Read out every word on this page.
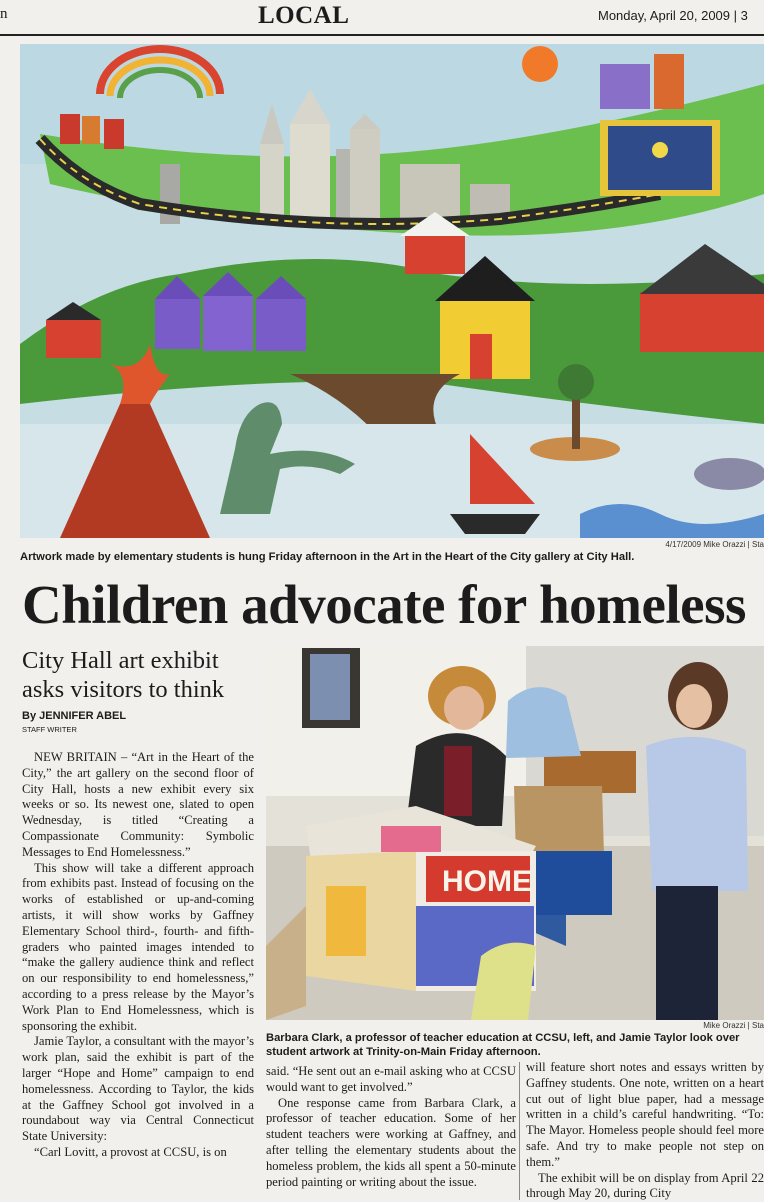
n	LOCAL	Monday, April 20, 2009 | 3
4/17/2009 Mike Orazzi | Sta
Artwork made by elementary students is hung Friday afternoon in the Art in the Heart of the City gallery at City Hall.
Children advocate for homeless
City Hall art exhibit asks visitors to think
By JENNIFER ABEL
STAFF WRITER

NEW BRITAIN – “Art in the Heart of the City,” the art gallery on the second floor of City Hall, hosts a new exhibit every six weeks or so. Its newest one, slated to open Wednesday, is titled “Creating a Compassionate Community: Symbolic Messages to End Homelessness.”

This show will take a different approach from exhibits past. Instead of focusing on the works of established or up-and-coming artists, it will show works by Gaffney Elementary School third-, fourth- and fifth-graders who painted images intended to “make the gallery audience think and reflect on our responsibility to end homelessness,” according to a press release by the Mayor’s Work Plan to End Homelessness, which is sponsoring the exhibit.

Jamie Taylor, a consultant with the mayor’s work plan, said the exhibit is part of the larger “Hope and Home” campaign to end homelessness. According to Taylor, the kids at the Gaffney School got involved in a roundabout way via Central Connecticut State University:

“Carl Lovitt, a provost at CCSU, is on

HOME
Mike Orazzi | Sta
Barbara Clark, a professor of teacher education at CCSU, left, and Jamie Taylor look over student artwork at Trinity-on-Main Friday afternoon.

said. “He sent out an e-mail asking who at CCSU would want to get involved.”

One response came from Barbara Clark, a professor of teacher education. Some of her student teachers were working at Gaffney, and after telling the elementary students about the homeless problem, the kids all spent a 50-minute period painting or writing about the issue.

will feature short notes and essays written by Gaffney students. One note, written on a heart cut out of light blue paper, had a message written in a child’s careful handwriting. “To: The Mayor. Homeless people should feel more safe. And try to make people not step on them.”

The exhibit will be on display from April 22 through May 20, during City
